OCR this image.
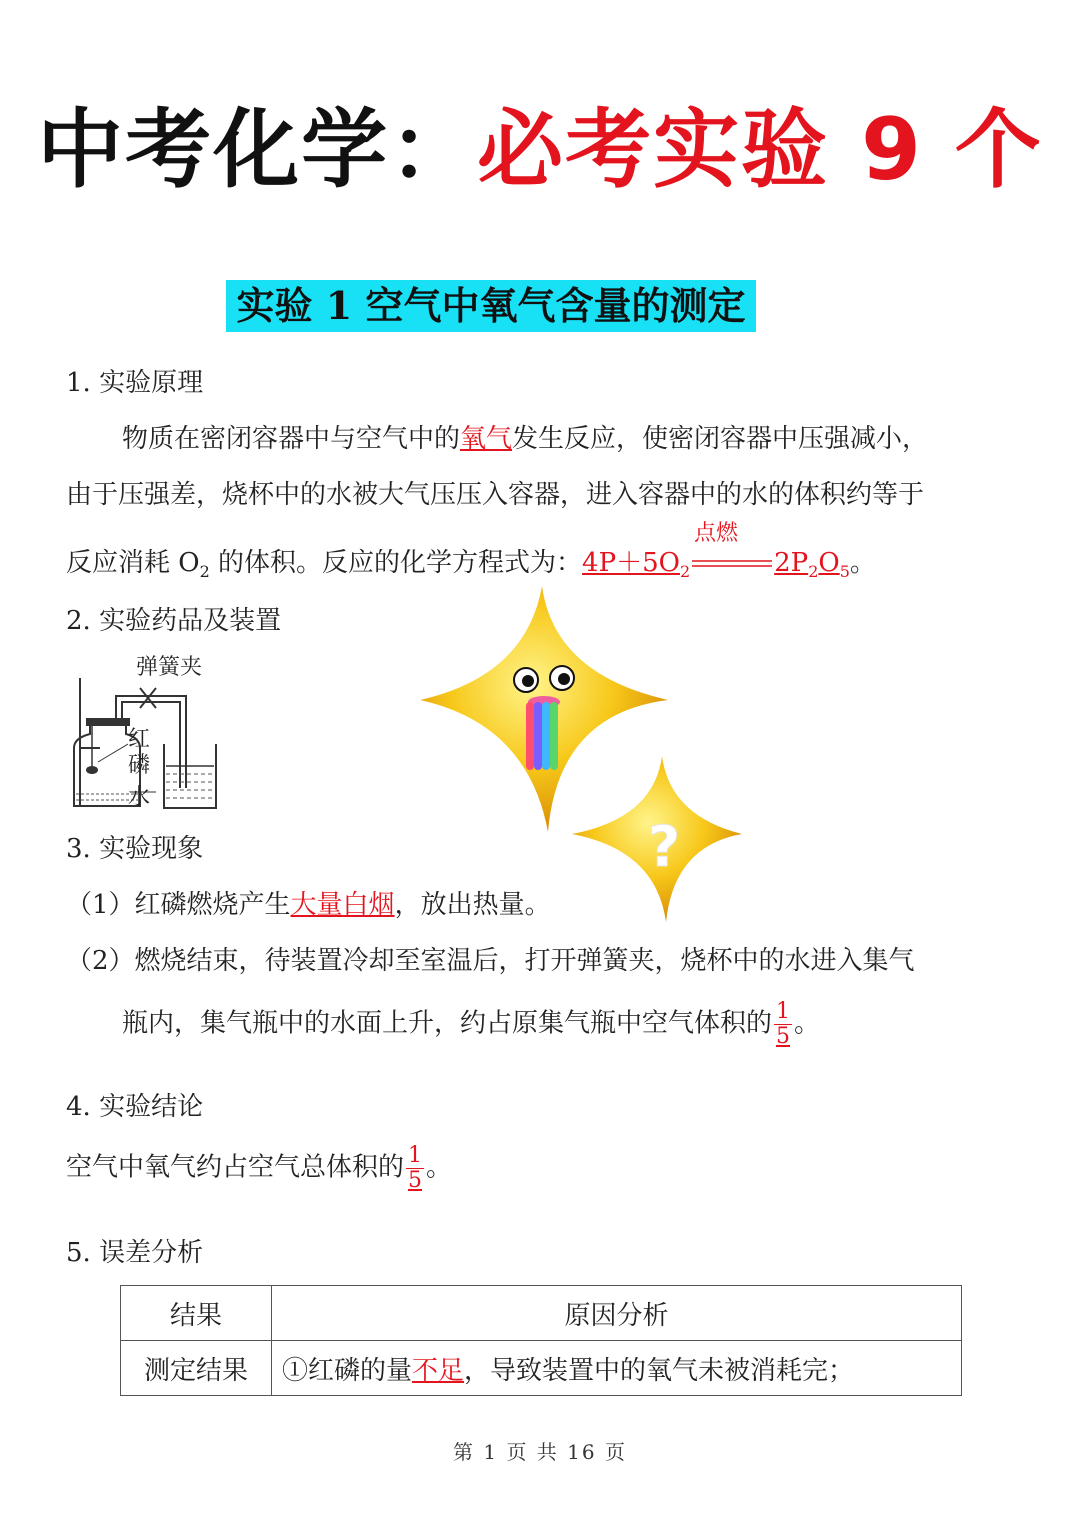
中考化学：必考实验 9 个
实验 1 空气中氧气含量的测定
1. 实验原理
物质在密闭容器中与空气中的氧气发生反应，使密闭容器中压强减小，
由于压强差，烧杯中的水被大气压压入容器，进入容器中的水的体积约等于
反应消耗 $O_2$ 的体积。反应的化学方程式为：
点燃
$4P+5O_2$	$2P_2O_5$。
2. 实验药品及装置
弹簧夹
红
磷
水
?
3. 实验现象
（1）红磷燃烧产生大量白烟，放出热量。
（2）燃烧结束，待装置冷却至室温后，打开弹簧夹，烧杯中的水进入集气
瓶内，集气瓶中的水面上升，约占原集气瓶中空气体积的 $\frac{1}{5}$ 。
4. 实验结论
空气中氧气约占空气总体积的 $\frac{1}{5}$ 。
5. 误差分析
结果	原因分析
测定结果	①红磷的量不足，导致装置中的氧气未被消耗完；
第 1 页 共 16 页
